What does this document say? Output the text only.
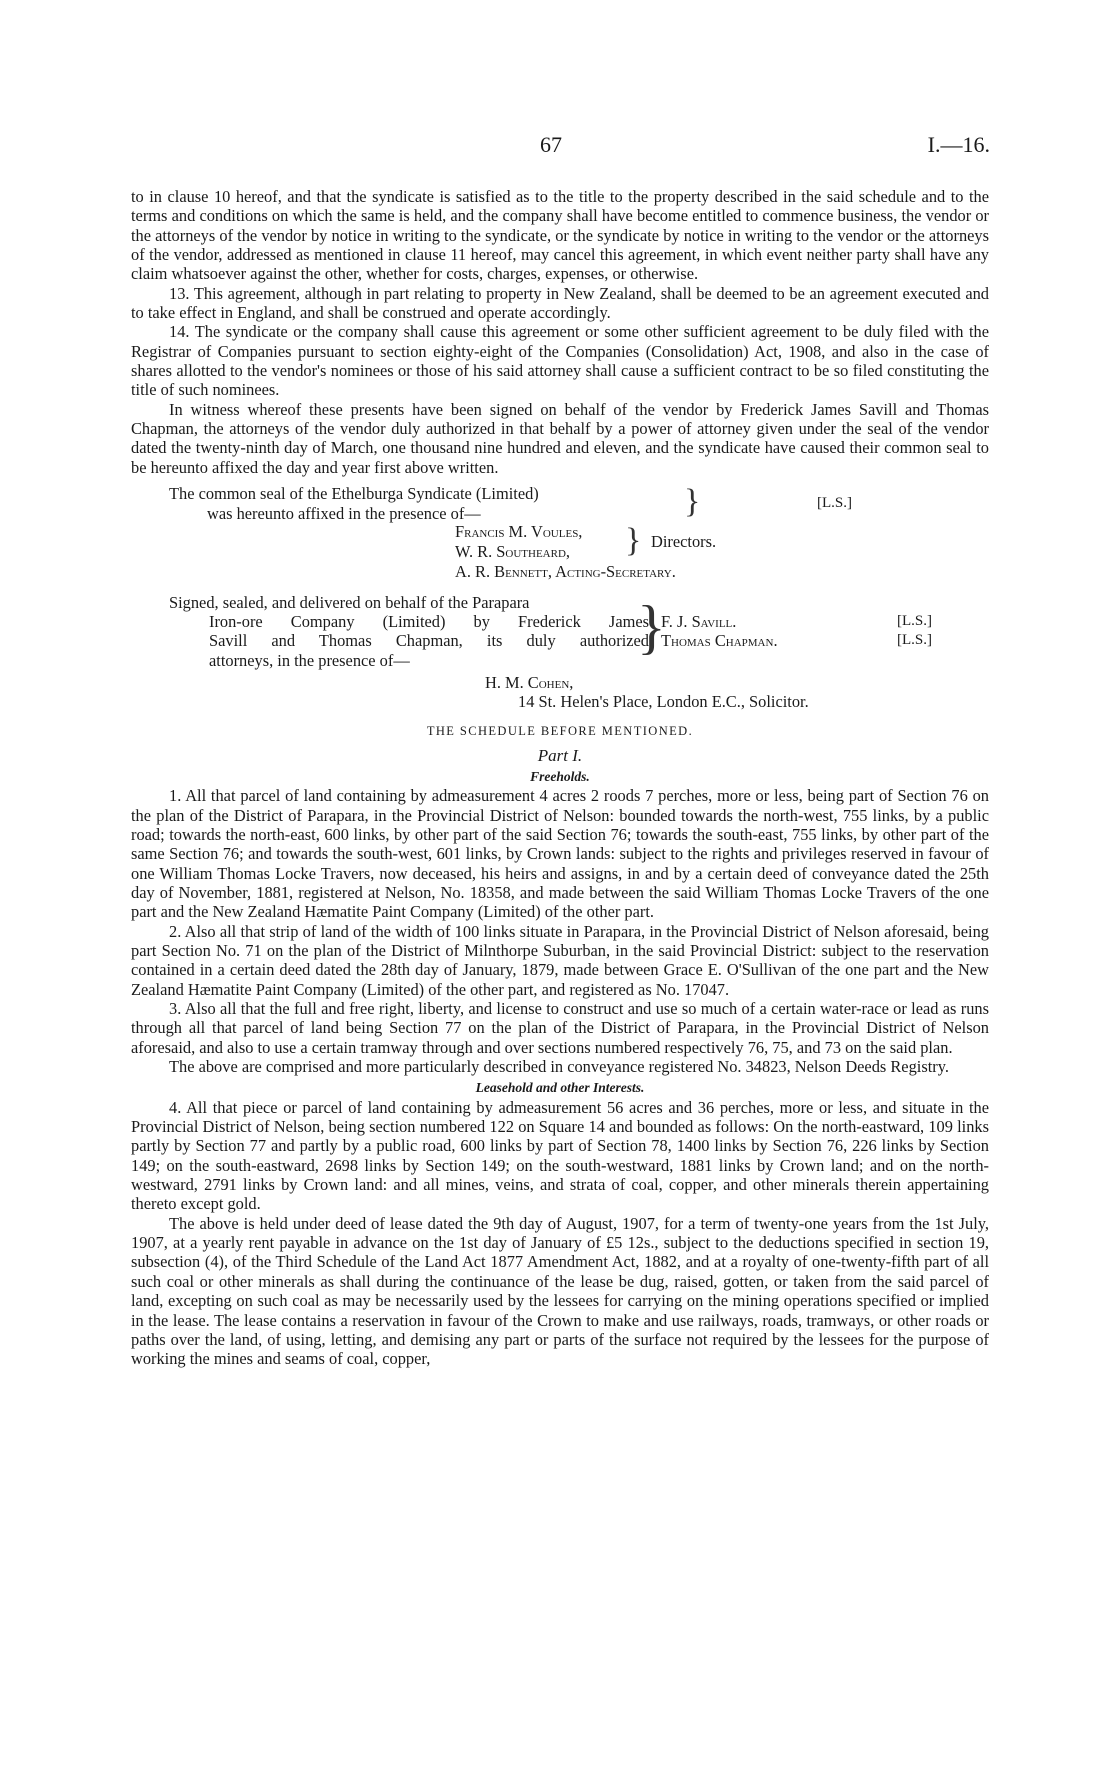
67	I.—16.

to in clause 10 hereof, and that the syndicate is satisfied as to the title to the property described in the said schedule and to the terms and conditions on which the same is held, and the company shall have become entitled to commence business, the vendor or the attorneys of the vendor by notice in writing to the syndicate, or the syndicate by notice in writing to the vendor or the attorneys of the vendor, addressed as mentioned in clause 11 hereof, may cancel this agreement, in which event neither party shall have any claim whatsoever against the other, whether for costs, charges, expenses, or otherwise.

13. This agreement, although in part relating to property in New Zealand, shall be deemed to be an agreement executed and to take effect in England, and shall be construed and operate accordingly.

14. The syndicate or the company shall cause this agreement or some other sufficient agreement to be duly filed with the Registrar of Companies pursuant to section eighty-eight of the Companies (Consolidation) Act, 1908, and also in the case of shares allotted to the vendor's nominees or those of his said attorney shall cause a sufficient contract to be so filed constituting the title of such nominees.

In witness whereof these presents have been signed on behalf of the vendor by Frederick James Savill and Thomas Chapman, the attorneys of the vendor duly authorized in that behalf by a power of attorney given under the seal of the vendor dated the twenty-ninth day of March, one thousand nine hundred and eleven, and the syndicate have caused their common seal to be hereunto affixed the day and year first above written.

The common seal of the Ethelburga Syndicate (Limited)
was hereunto affixed in the presence of—	}	[L.S.]
Francis M. Voules,
W. R. Southeard,	} Directors.
A. R. Bennett, Acting-Secretary.
Signed, sealed, and delivered on behalf of the Parapara
Iron-ore Company (Limited) by Frederick James
Savill and Thomas Chapman, its duly authorized
attorneys, in the presence of—
}
F. J. Savill.
Thomas Chapman.
[L.S.]
[L.S.]
H. M. Cohen,
14 St. Helen's Place, London E.C., Solicitor.
THE SCHEDULE BEFORE MENTIONED.
Part I.
Freeholds.

1. All that parcel of land containing by admeasurement 4 acres 2 roods 7 perches, more or less, being part of Section 76 on the plan of the District of Parapara, in the Provincial District of Nelson: bounded towards the north-west, 755 links, by a public road; towards the north-east, 600 links, by other part of the said Section 76; towards the south-east, 755 links, by other part of the same Section 76; and towards the south-west, 601 links, by Crown lands: subject to the rights and privileges reserved in favour of one William Thomas Locke Travers, now deceased, his heirs and assigns, in and by a certain deed of conveyance dated the 25th day of November, 1881, registered at Nelson, No. 18358, and made between the said William Thomas Locke Travers of the one part and the New Zealand Hæmatite Paint Company (Limited) of the other part.

2. Also all that strip of land of the width of 100 links situate in Parapara, in the Provincial District of Nelson aforesaid, being part Section No. 71 on the plan of the District of Milnthorpe Suburban, in the said Provincial District: subject to the reservation contained in a certain deed dated the 28th day of January, 1879, made between Grace E. O'Sullivan of the one part and the New Zealand Hæmatite Paint Company (Limited) of the other part, and registered as No. 17047.

3. Also all that the full and free right, liberty, and license to construct and use so much of a certain water-race or lead as runs through all that parcel of land being Section 77 on the plan of the District of Parapara, in the Provincial District of Nelson aforesaid, and also to use a certain tramway through and over sections numbered respectively 76, 75, and 73 on the said plan.

The above are comprised and more particularly described in conveyance registered No. 34823, Nelson Deeds Registry.

Leasehold and other Interests.

4. All that piece or parcel of land containing by admeasurement 56 acres and 36 perches, more or less, and situate in the Provincial District of Nelson, being section numbered 122 on Square 14 and bounded as follows: On the north-eastward, 109 links partly by Section 77 and partly by a public road, 600 links by part of Section 78, 1400 links by Section 76, 226 links by Section 149; on the south-eastward, 2698 links by Section 149; on the south-westward, 1881 links by Crown land; and on the north-westward, 2791 links by Crown land: and all mines, veins, and strata of coal, copper, and other minerals therein appertaining thereto except gold.

The above is held under deed of lease dated the 9th day of August, 1907, for a term of twenty-one years from the 1st July, 1907, at a yearly rent payable in advance on the 1st day of January of £5 12s., subject to the deductions specified in section 19, subsection (4), of the Third Schedule of the Land Act 1877 Amendment Act, 1882, and at a royalty of one-twenty-fifth part of all such coal or other minerals as shall during the continuance of the lease be dug, raised, gotten, or taken from the said parcel of land, excepting on such coal as may be necessarily used by the lessees for carrying on the mining operations specified or implied in the lease. The lease contains a reservation in favour of the Crown to make and use railways, roads, tramways, or other roads or paths over the land, of using, letting, and demising any part or parts of the surface not required by the lessees for the purpose of working the mines and seams of coal, copper,
